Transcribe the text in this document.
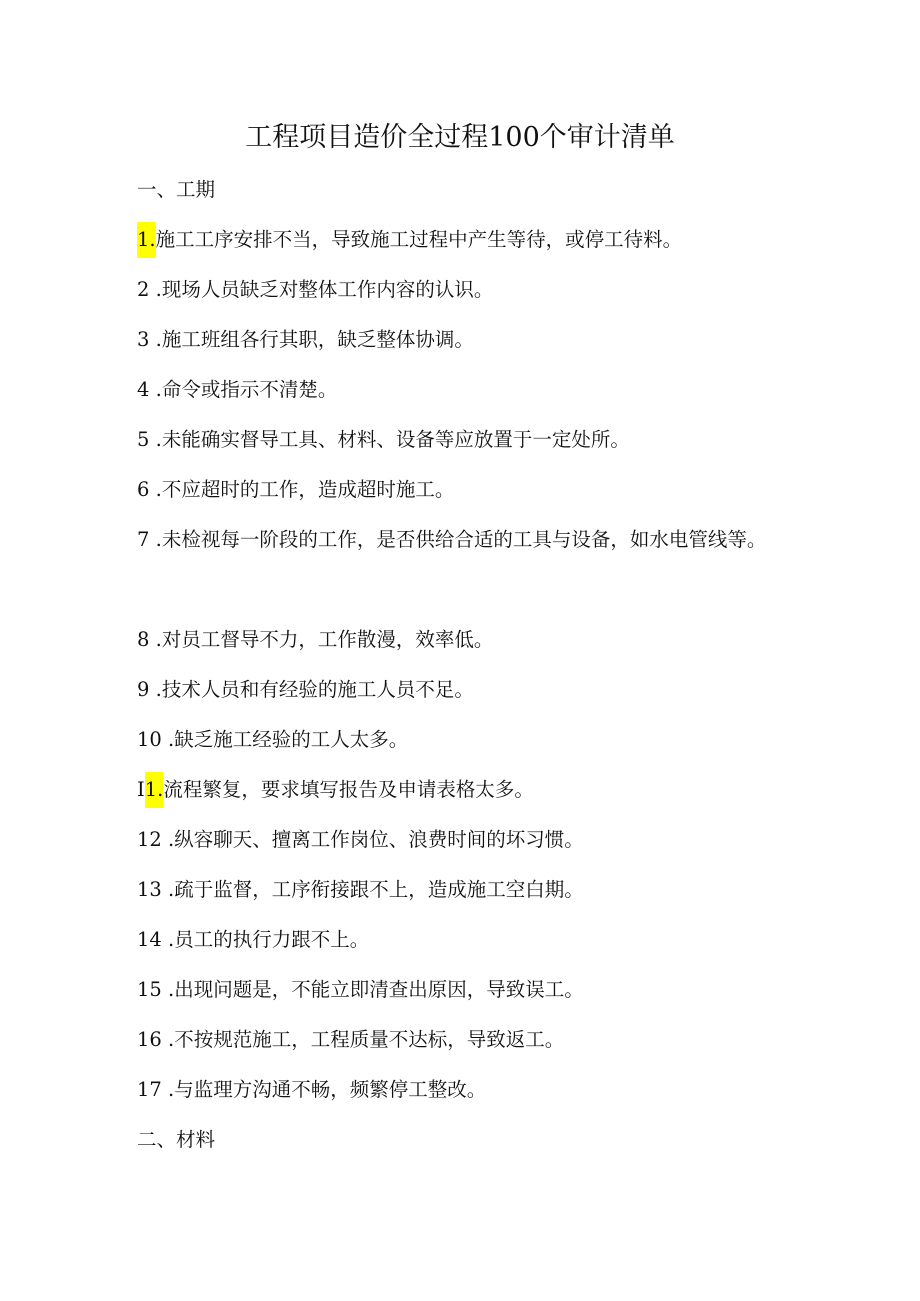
工程项目造价全过程100个审计清单
一、工期
1.施工工序安排不当，导致施工过程中产生等待，或停工待料。
2 .现场人员缺乏对整体工作内容的认识。
3 .施工班组各行其职，缺乏整体协调。
4 .命令或指示不清楚。
5 .未能确实督导工具、材料、设备等应放置于一定处所。
6 .不应超时的工作，造成超时施工。
7 .未检视每一阶段的工作，是否供给合适的工具与设备，如水电管线等。
8 .对员工督导不力，工作散漫，效率低。
9 .技术人员和有经验的施工人员不足。
10 .缺乏施工经验的工人太多。
I1.流程繁复，要求填写报告及申请表格太多。
12 .纵容聊天、擅离工作岗位、浪费时间的坏习惯。
13 .疏于监督，工序衔接跟不上，造成施工空白期。
14 .员工的执行力跟不上。
15 .出现问题是，不能立即清查出原因，导致误工。
16 .不按规范施工，工程质量不达标，导致返工。
17 .与监理方沟通不畅，频繁停工整改。
二、材料
